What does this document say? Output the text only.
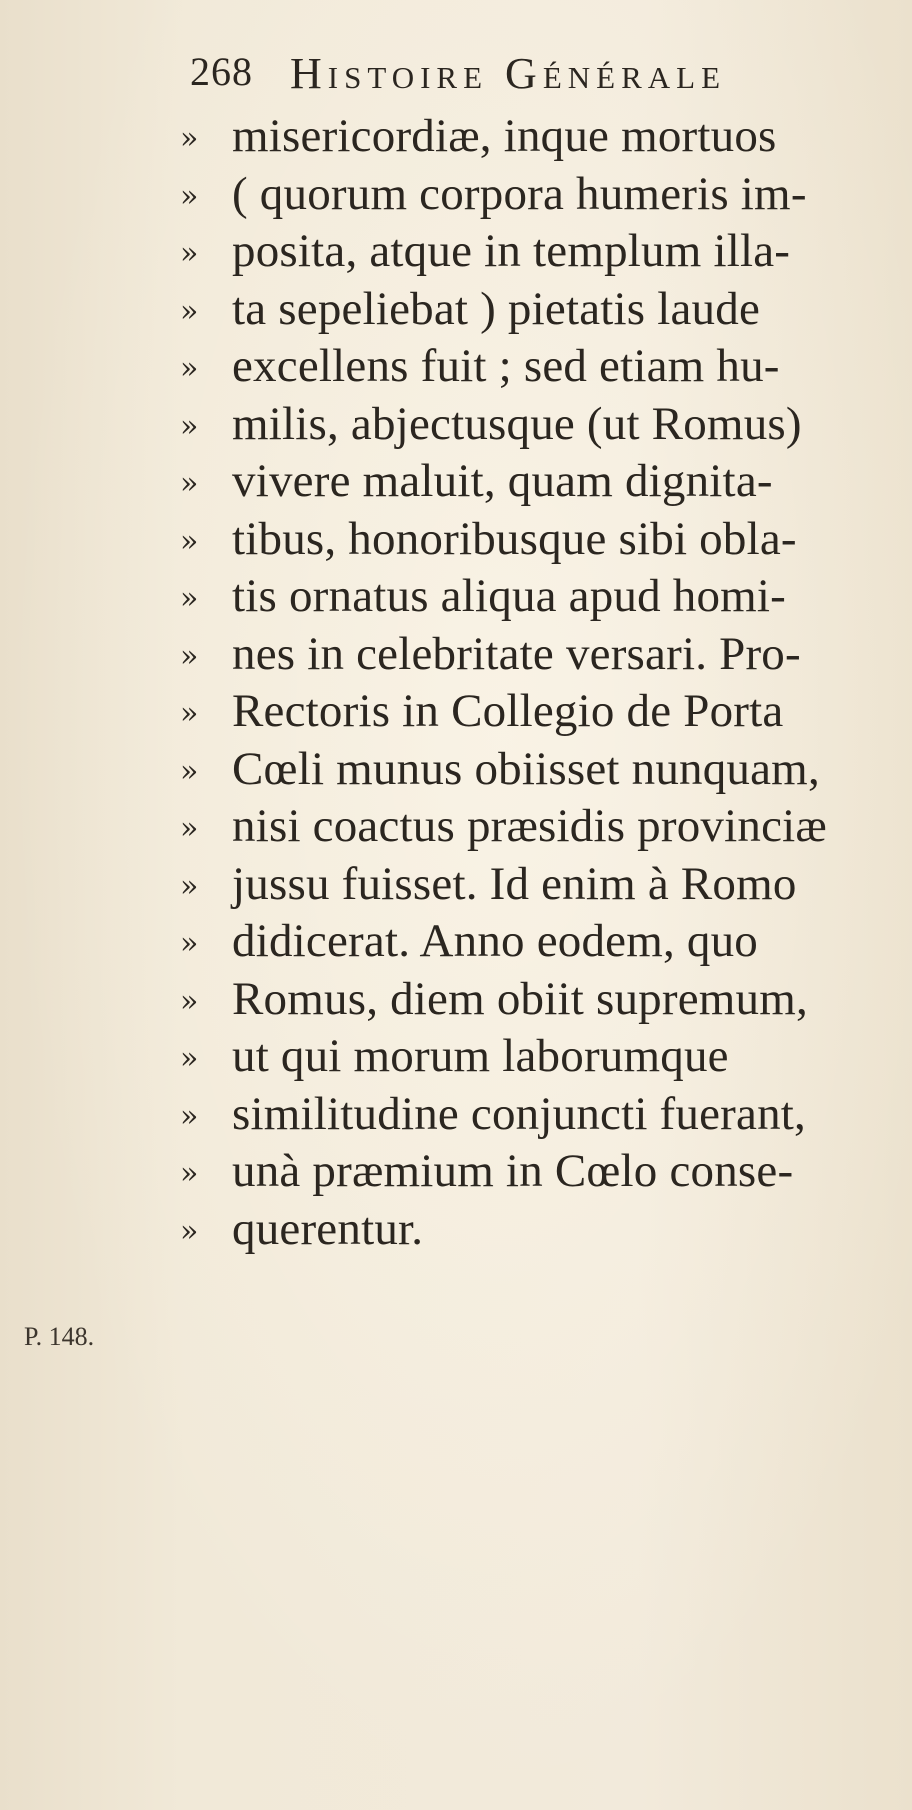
268 Histoire Générale
» misericordiæ, inque mortuos
» ( quorum corpora humeris im-
» posita, atque in templum illa-
» ta sepeliebat ) pietatis laude
» excellens fuit ; sed etiam hu-
» milis, abjectusque (ut Romus)
» vivere maluit, quam dignita-
» tibus, honoribusque sibi obla-
» tis ornatus aliqua apud homi-
» nes in celebritate versari. Pro-
» Rectoris in Collegio de Porta
» Cœli munus obiisset nunquam,
» nisi coactus præsidis provinciæ
» jussu fuisset. Id enim à Romo
» didicerat. Anno eodem, quo
» Romus, diem obiit supremum,
» ut qui morum laborumque
» similitudine conjuncti fuerant,
» unà præmium in Cœlo conse-
» querentur.
P. 148.
